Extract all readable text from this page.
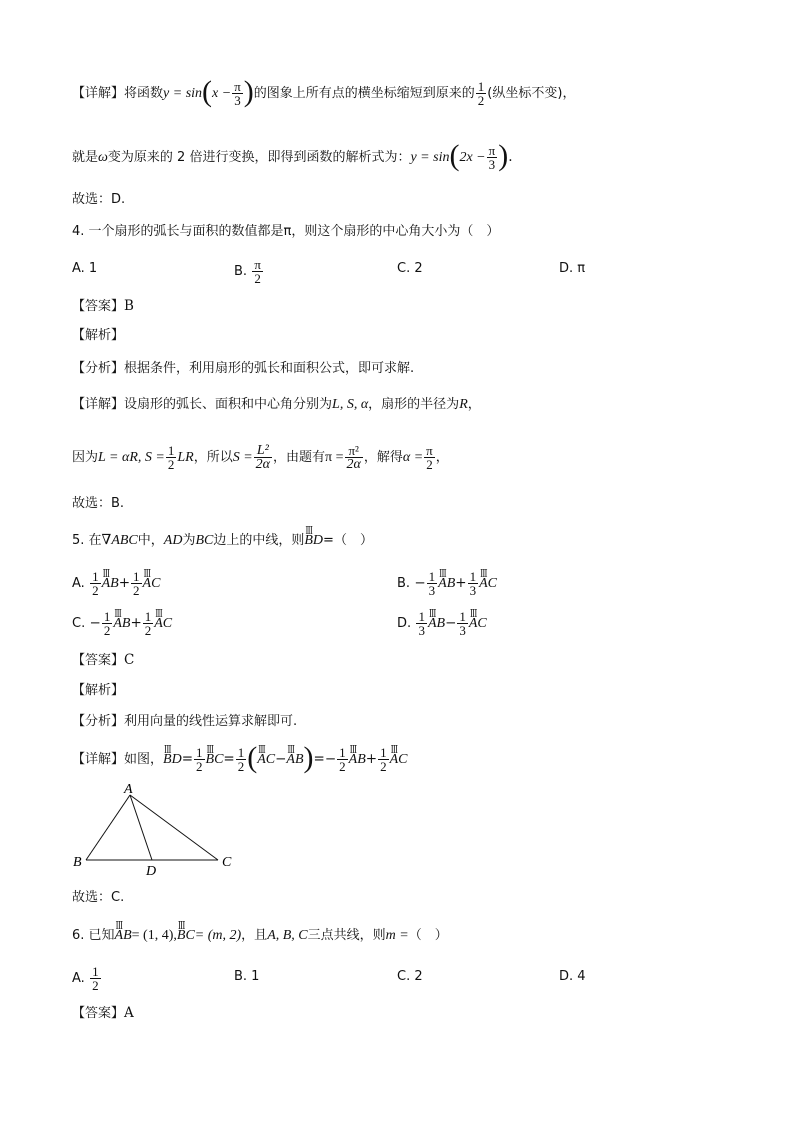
【详解】将函数$y = \sin(x - \frac{\pi}{3}$ )的图象上所有点的横坐标缩短到原来的 $\frac{1}{2}$ (纵坐标不变)，
就是ω变为原来的 2 倍进行变换，即得到函数的解析式为：$y = \sin(2x - \frac{\pi}{3}$ ).
故选：D.
4. 一个扇形的弧长与面积的数值都是π，则这个扇形的中心角大小为（　）
A. 1	B. $\frac{\pi}{2}$	C. 2	D. π
【答案】B
【解析】
【分析】根据条件，利用扇形的弧长和面积公式，即可求解.
【详解】设扇形的弧长、面积和中心角分别为L, S, α，扇形的半径为R，
因为L = αR, $S = \frac{1}{2}$ LR，所以$S = \frac{\text{L²}}{2\alpha}$ ，由题有$\pi = \frac{\text{π²}}{2\alpha}$ ，解得$\alpha = \frac{\pi}{2}$ ，
故选：B.
5. 在∇ABC中，AD为BC边上的中线，则ꟾꟾꟾ BD=（　）
A. $\frac{1}{2}$ ꟾꟾꟾ $AB+ \frac{1}{2}$ ꟾꟾꟾ AC	B. − $\frac{1}{3}$ ꟾꟾꟾ $AB+ \frac{1}{3}$ ꟾꟾꟾ AC
C. − $\frac{1}{2}$ ꟾꟾꟾ $AB+ \frac{1}{2}$ ꟾꟾꟾ AC	D. $\frac{1}{3}$ ꟾꟾꟾ $AB- \frac{1}{3}$ ꟾꟾꟾ AC
【答案】C
【解析】
【分析】利用向量的线性运算求解即可.
【详解】如图，ꟾꟾꟾ $BD= \frac{1}{2}$ ꟾꟾꟾ $BC= \frac{1}{2}$ (ꟾꟾꟾ AC−ꟾꟾꟾ $AB)=- \frac{1}{2}$ ꟾꟾꟾ $AB+ \frac{1}{2}$ ꟾꟾꟾ AC
A
B	C
D
故选：C.
6. 已知ꟾꟾꟾ AB= (1, 4),ꟾꟾꟾ BC= (m, 2)，且A, B, C三点共线，则m =（　）
A. $\frac{1}{2}$	B. 1	C. 2	D. 4
【答案】A
